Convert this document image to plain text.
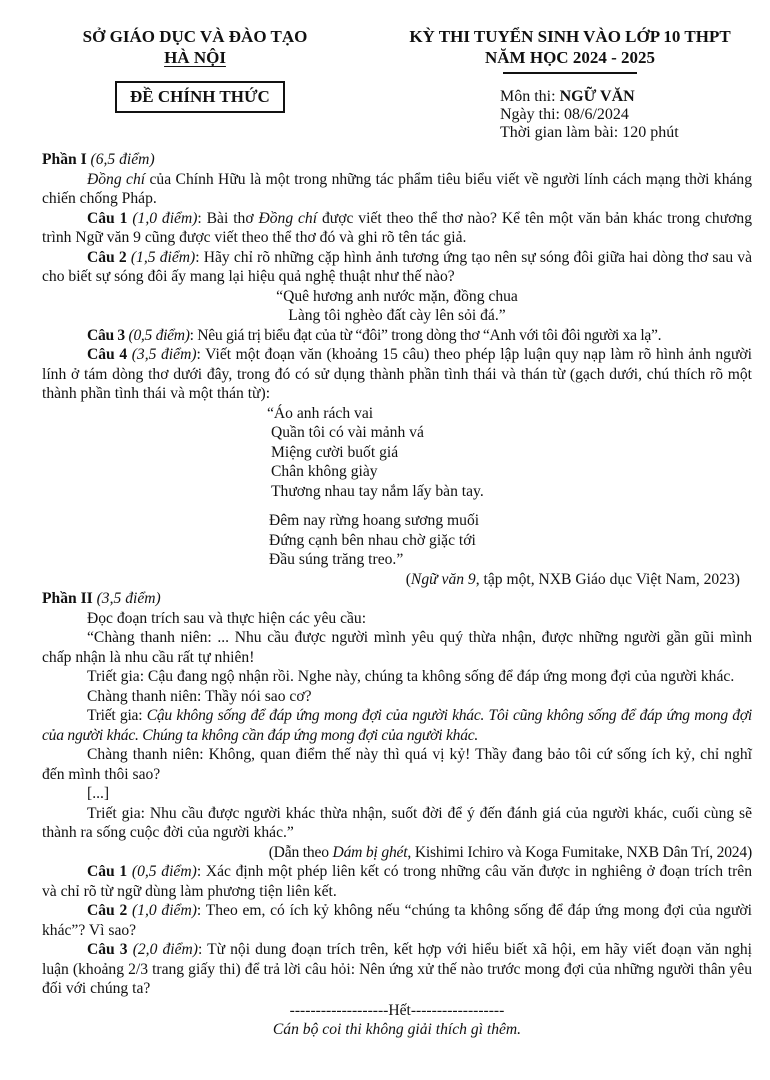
SỞ GIÁO DỤC VÀ ĐÀO TẠO
HÀ NỘI
ĐỀ CHÍNH THỨC
KỲ THI TUYỂN SINH VÀO LỚP 10 THPT
NĂM HỌC 2024 - 2025
Môn thi: NGỮ VĂN
Ngày thi: 08/6/2024
Thời gian làm bài: 120 phút

Phần I (6,5 điểm)

Đồng chí của Chính Hữu là một trong những tác phẩm tiêu biểu viết về người lính cách mạng thời kháng chiến chống Pháp.

Câu 1 (1,0 điểm): Bài thơ Đồng chí được viết theo thể thơ nào? Kể tên một văn bản khác trong chương trình Ngữ văn 9 cũng được viết theo thể thơ đó và ghi rõ tên tác giả.

Câu 2 (1,5 điểm): Hãy chỉ rõ những cặp hình ảnh tương ứng tạo nên sự sóng đôi giữa hai dòng thơ sau và cho biết sự sóng đôi ấy mang lại hiệu quả nghệ thuật như thế nào?

“Quê hương anh nước mặn, đồng chua

Làng tôi nghèo đất cày lên sỏi đá.”

Câu 3 (0,5 điểm): Nêu giá trị biểu đạt của từ “đôi” trong dòng thơ “Anh với tôi đôi người xa lạ”.

Câu 4 (3,5 điểm): Viết một đoạn văn (khoảng 15 câu) theo phép lập luận quy nạp làm rõ hình ảnh người lính ở tám dòng thơ dưới đây, trong đó có sử dụng thành phần tình thái và thán từ (gạch dưới, chú thích rõ một thành phần tình thái và một thán từ):

“Áo anh rách vai
Quần tôi có vài mảnh vá
Miệng cười buốt giá
Chân không giày
Thương nhau tay nắm lấy bàn tay.
Đêm nay rừng hoang sương muối
Đứng cạnh bên nhau chờ giặc tới
Đầu súng trăng treo.”

(Ngữ văn 9, tập một, NXB Giáo dục Việt Nam, 2023)

Phần II (3,5 điểm)

Đọc đoạn trích sau và thực hiện các yêu cầu:

“Chàng thanh niên: ... Nhu cầu được người mình yêu quý thừa nhận, được những người gần gũi mình chấp nhận là nhu cầu rất tự nhiên!

Triết gia: Cậu đang ngộ nhận rồi. Nghe này, chúng ta không sống để đáp ứng mong đợi của người khác.

Chàng thanh niên: Thầy nói sao cơ?

Triết gia: Cậu không sống để đáp ứng mong đợi của người khác. Tôi cũng không sống để đáp ứng mong đợi của người khác. Chúng ta không cần đáp ứng mong đợi của người khác.

Chàng thanh niên: Không, quan điểm thế này thì quá vị kỷ! Thầy đang bảo tôi cứ sống ích kỷ, chỉ nghĩ đến mình thôi sao?

[...]

Triết gia: Nhu cầu được người khác thừa nhận, suốt đời để ý đến đánh giá của người khác, cuối cùng sẽ thành ra sống cuộc đời của người khác.”

(Dẫn theo Dám bị ghét, Kishimi Ichiro và Koga Fumitake, NXB Dân Trí, 2024)

Câu 1 (0,5 điểm): Xác định một phép liên kết có trong những câu văn được in nghiêng ở đoạn trích trên và chỉ rõ từ ngữ dùng làm phương tiện liên kết.

Câu 2 (1,0 điểm): Theo em, có ích kỷ không nếu “chúng ta không sống để đáp ứng mong đợi của người khác”? Vì sao?

Câu 3 (2,0 điểm): Từ nội dung đoạn trích trên, kết hợp với hiểu biết xã hội, em hãy viết đoạn văn nghị luận (khoảng 2/3 trang giấy thi) để trả lời câu hỏi: Nên ứng xử thế nào trước mong đợi của những người thân yêu đối với chúng ta?

-------------------Hết------------------

Cán bộ coi thi không giải thích gì thêm.
